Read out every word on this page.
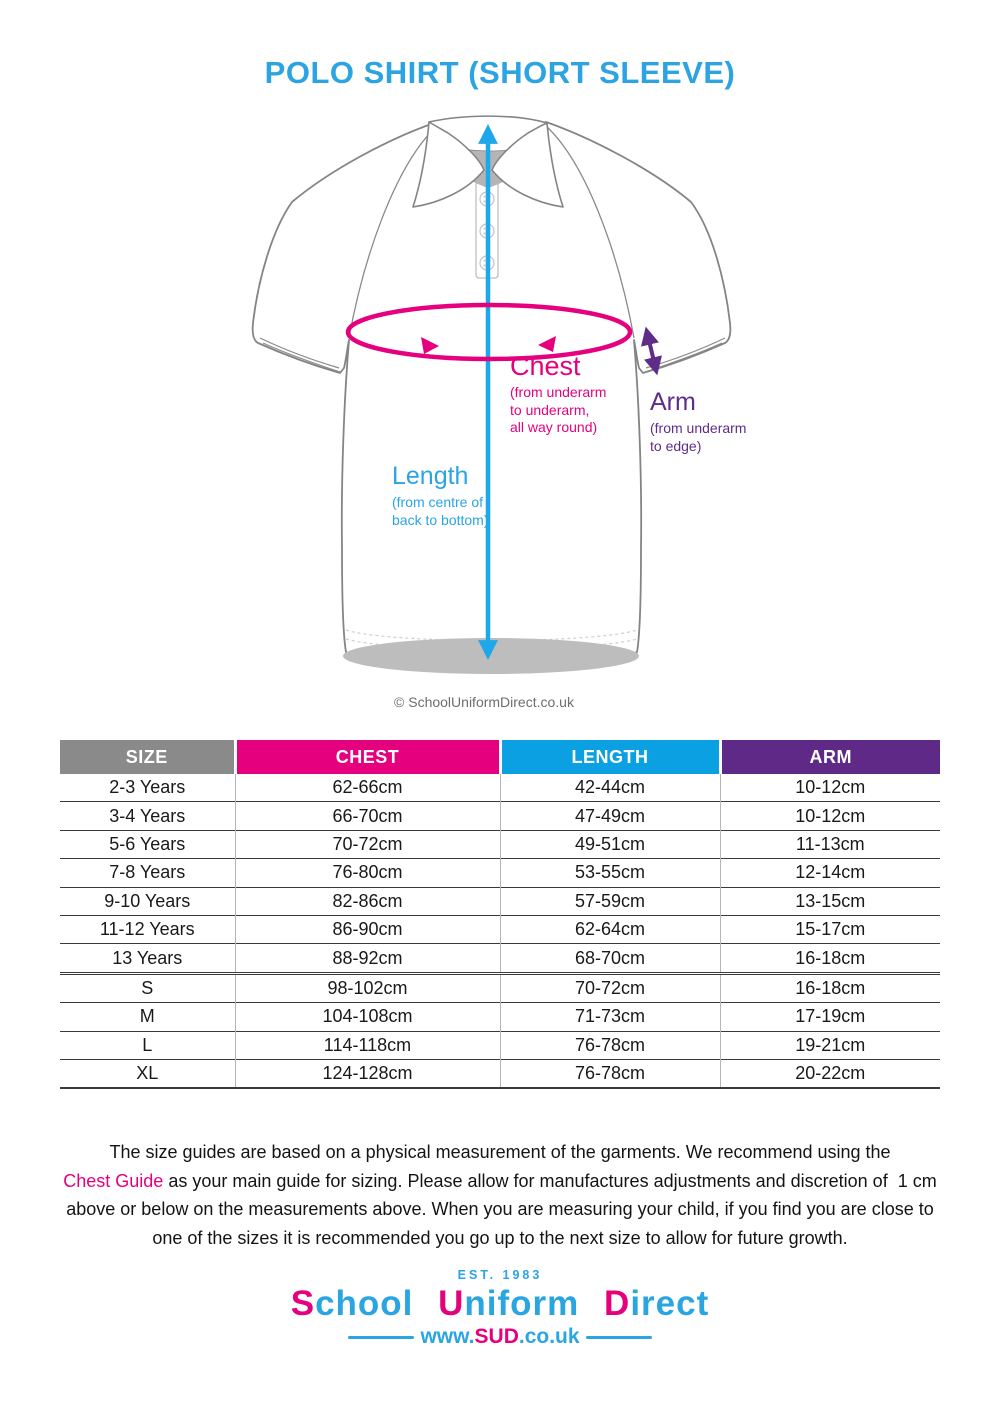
POLO SHIRT (SHORT SLEEVE)
Chest
(from underarm
to underarm,
all way round)
Arm
(from underarm
to edge)
Length
(from centre of
back to bottom)
© SchoolUniformDirect.co.uk
SIZE	CHEST	LENGTH	ARM
2-3 Years	62-66cm	42-44cm	10-12cm
3-4 Years	66-70cm	47-49cm	10-12cm
5-6 Years	70-72cm	49-51cm	11-13cm
7-8 Years	76-80cm	53-55cm	12-14cm
9-10 Years	82-86cm	57-59cm	13-15cm
11-12 Years	86-90cm	62-64cm	15-17cm
13 Years	88-92cm	68-70cm	16-18cm
S	98-102cm	70-72cm	16-18cm
M	104-108cm	71-73cm	17-19cm
L	114-118cm	76-78cm	19-21cm
XL	124-128cm	76-78cm	20-22cm
The size guides are based on a physical measurement of the garments. We recommend using the
Chest Guide as your main guide for sizing. Please allow for manufactures adjustments and discretion of  1 cm
above or below on the measurements above. When you are measuring your child, if you find you are close to
one of the sizes it is recommended you go up to the next size to allow for future growth.
EST. 1983
School Uniform Direct
www.SUD.co.uk
